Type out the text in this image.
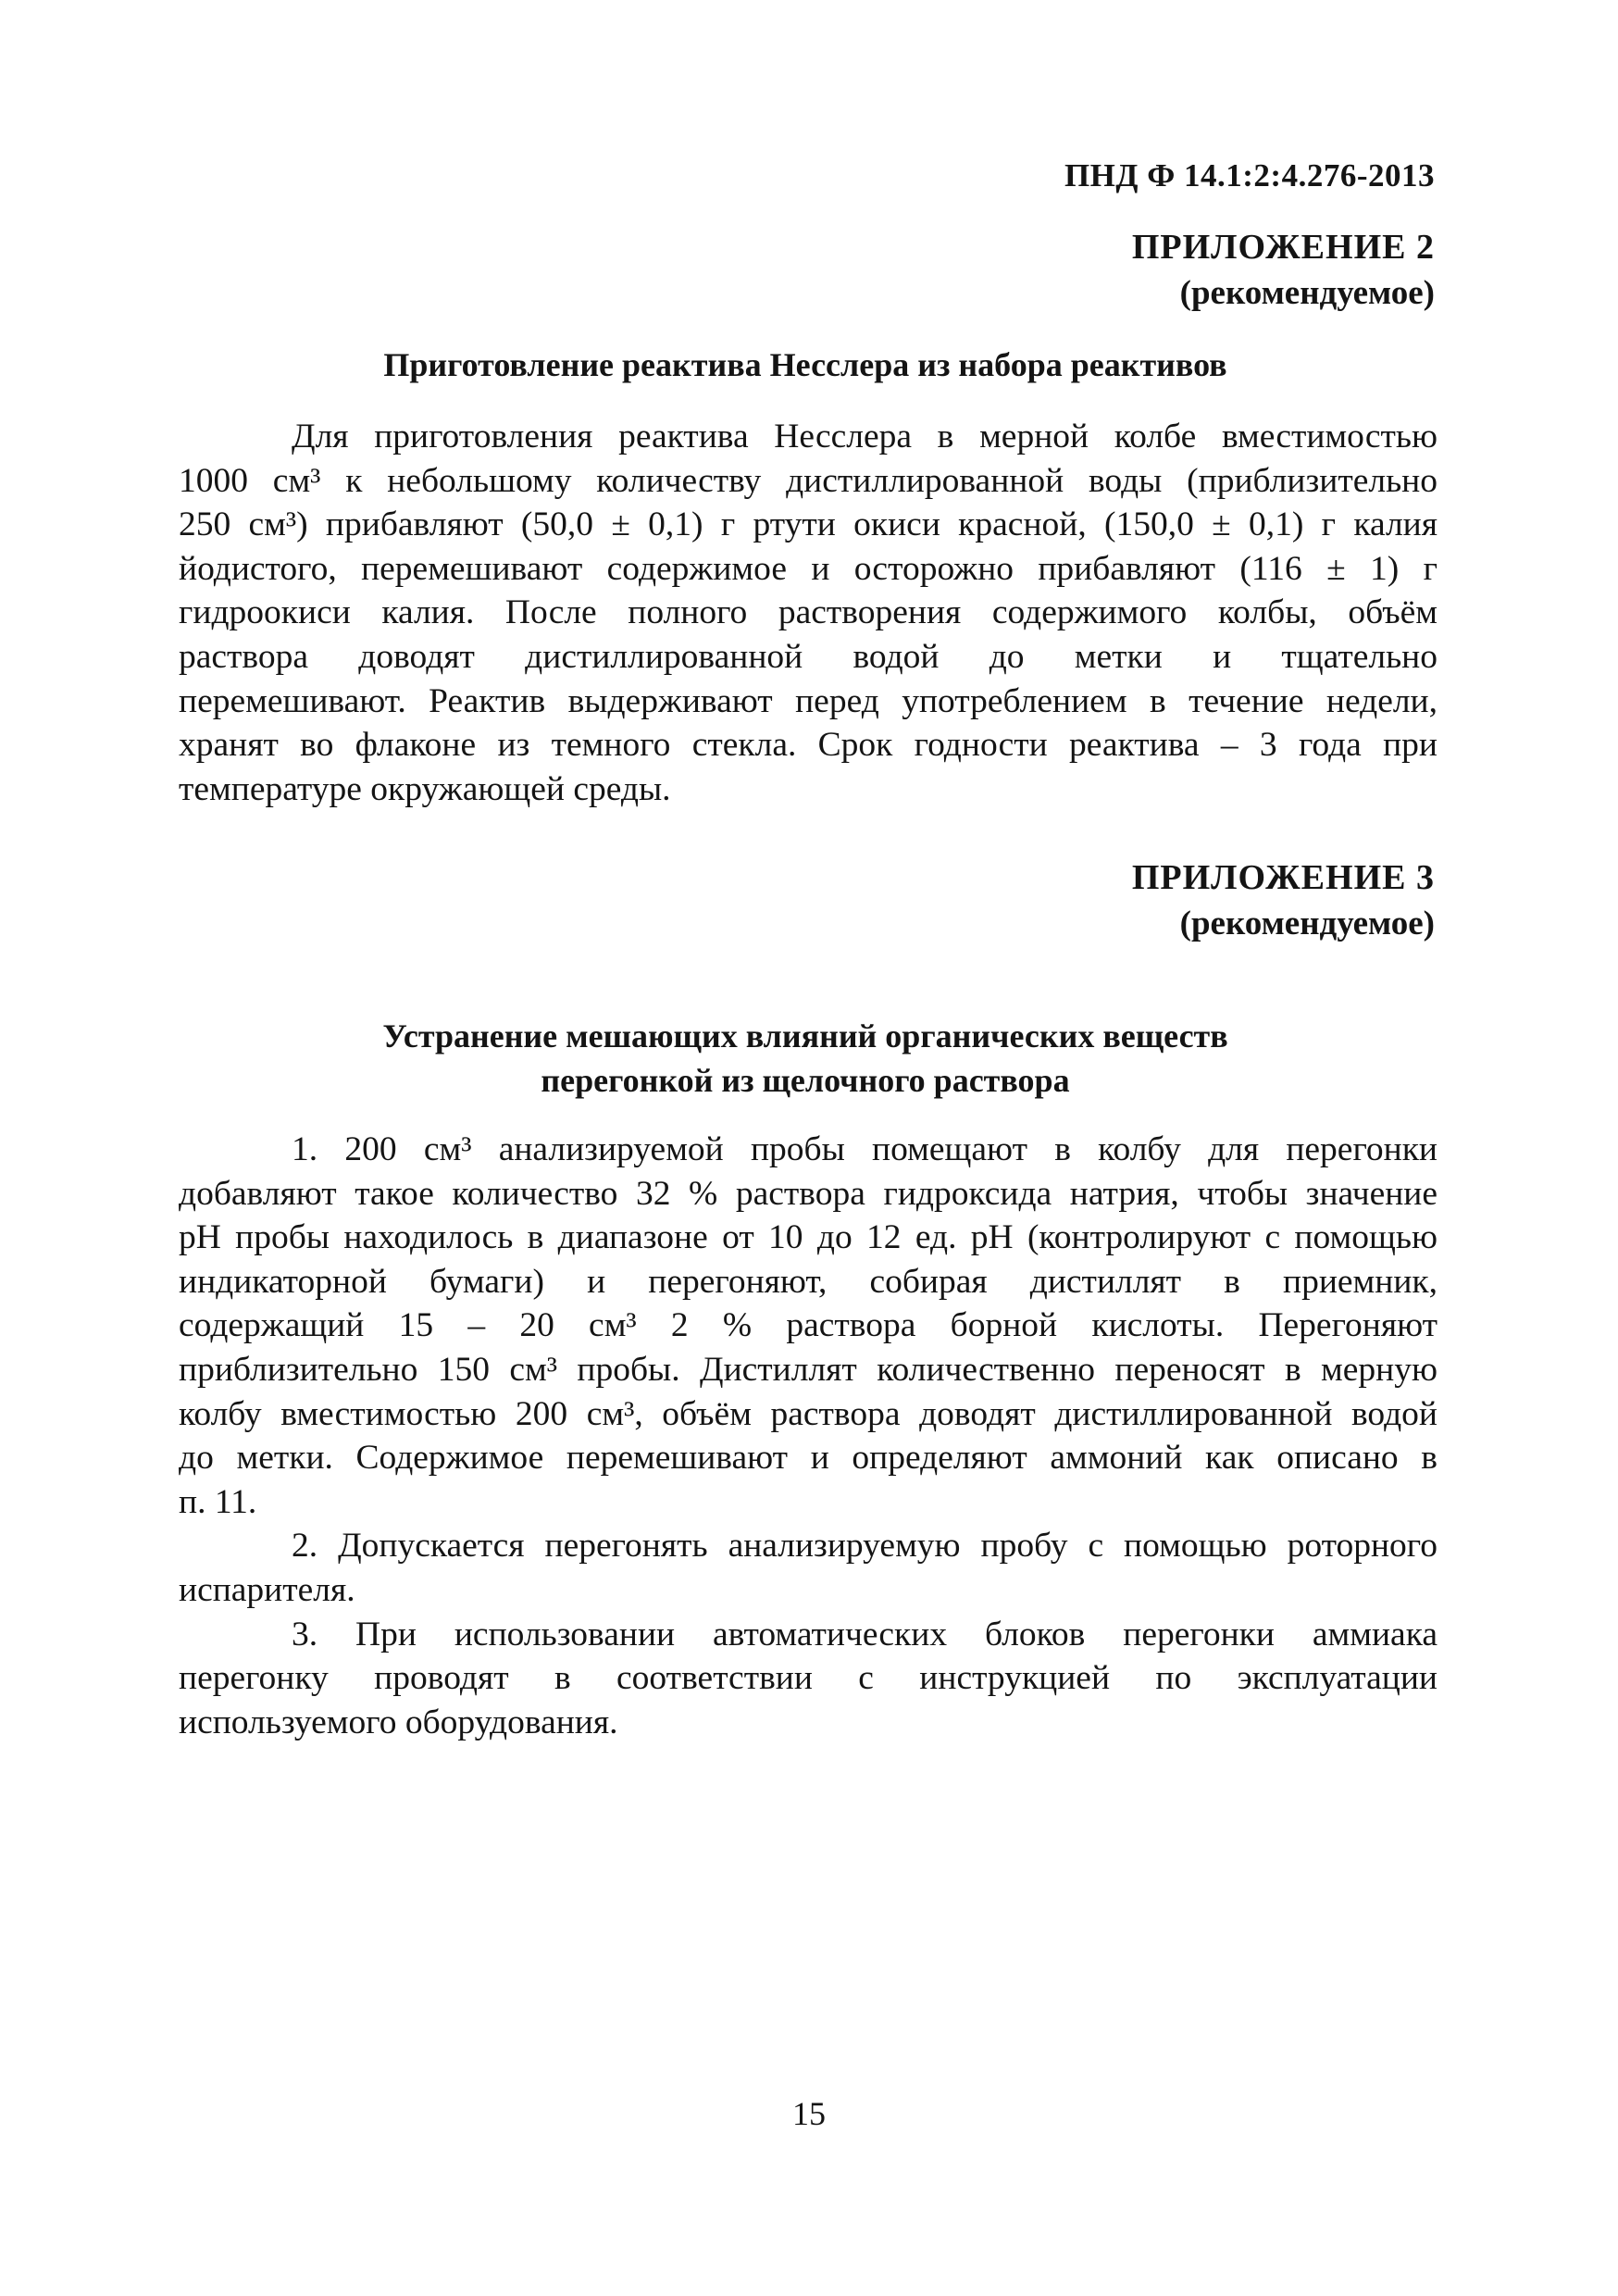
ПНД Ф 14.1:2:4.276-2013
ПРИЛОЖЕНИЕ 2
(рекомендуемое)
Приготовление реактива Несслера из набора реактивов
Для приготовления реактива Несслера в мерной колбе вместимостью
1000 см³ к небольшому количеству дистиллированной воды (приблизительно
250 см³) прибавляют (50,0 ± 0,1) г ртути окиси красной, (150,0 ± 0,1) г калия
йодистого, перемешивают содержимое и осторожно прибавляют (116 ± 1) г
гидроокиси калия. После полного растворения содержимого колбы, объём
раствора доводят дистиллированной водой до метки и тщательно
перемешивают. Реактив выдерживают перед употреблением в течение недели,
хранят во флаконе из темного стекла. Срок годности реактива – 3 года при
температуре окружающей среды.
ПРИЛОЖЕНИЕ 3
(рекомендуемое)
Устранение мешающих влияний органических веществ
перегонкой из щелочного раствора
1. 200 см³ анализируемой пробы помещают в колбу для перегонки
добавляют такое количество 32 % раствора гидроксида натрия, чтобы значение
pH пробы находилось в диапазоне от 10 до 12 ед. pH (контролируют с помощью
индикаторной бумаги) и перегоняют, собирая дистиллят в приемник,
содержащий 15 – 20 см³ 2 % раствора борной кислоты. Перегоняют
приблизительно 150 см³ пробы. Дистиллят количественно переносят в мерную
колбу вместимостью 200 см³, объём раствора доводят дистиллированной водой
до метки. Содержимое перемешивают и определяют аммоний как описано в
п. 11.
2. Допускается перегонять анализируемую пробу с помощью роторного
испарителя.
3. При использовании автоматических блоков перегонки аммиака
перегонку проводят в соответствии с инструкцией по эксплуатации
используемого оборудования.
15
